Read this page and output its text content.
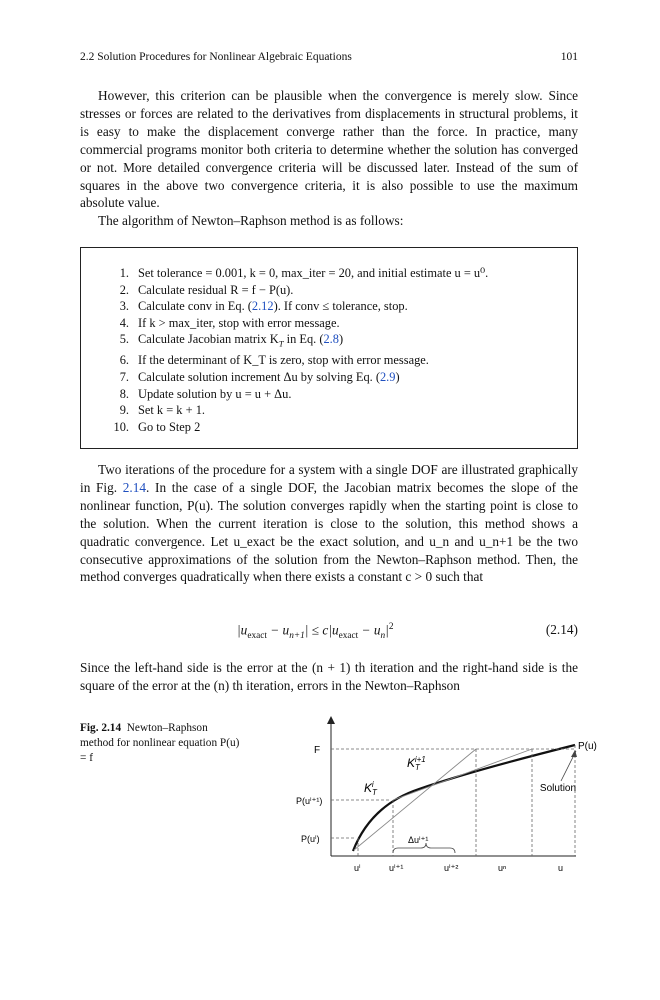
2.2 Solution Procedures for Nonlinear Algebraic Equations	101

However, this criterion can be plausible when the convergence is merely slow. Since stresses or forces are related to the derivatives from displacements in structural problems, it is easy to make the displacement converge rather than the force. In practice, many commercial programs monitor both criteria to determine whether the solution has converged or not. More detailed convergence criteria will be discussed later. Instead of the sum of squares in the above two convergence criteria, it is also possible to use the maximum absolute value.

The algorithm of Newton–Raphson method is as follows:

1. Set tolerance = 0.001, k = 0, max_iter = 20, and initial estimate u = u⁰.
2. Calculate residual R = f − P(u).
3. Calculate conv in Eq. (2.12). If conv ≤ tolerance, stop.
4. If k > max_iter, stop with error message.
5. Calculate Jacobian matrix $K_T$ in Eq. (2.8)
6. If the determinant of K_T is zero, stop with error message.
7. Calculate solution increment Δu by solving Eq. (2.9)
8. Update solution by u = u + Δu.
9. Set k = k + 1.
10. Go to Step 2

Two iterations of the procedure for a system with a single DOF are illustrated graphically in Fig. 2.14. In the case of a single DOF, the Jacobian matrix becomes the slope of the nonlinear function, P(u). The solution converges rapidly when the starting point is close to the solution. When the current iteration is close to the solution, this method shows a quadratic convergence. Let u_exact be the exact solution, and u_n and u_n+1 be the two consecutive approximations of the solution from the Newton–Raphson method. Then, the method converges quadratically when there exists a constant c > 0 such that

$|u_{exact} - u_{n+1}| \le c|u_{exact} - u_n|^2$	(2.14)

Since the left-hand side is the error at the (n + 1) th iteration and the right-hand side is the square of the error at the (n) th iteration, errors in the Newton–Raphson

Fig. 2.14 Newton–Raphson method for nonlinear equation P(u) = f
F	P(u)
Solution
P(uⁱ⁺¹)
P(uⁱ)
uⁱ	uⁱ⁺¹	uⁱ⁺²	uⁿ	u
Δuⁱ⁺¹
$K_Ti$
$K_Ti+1$
